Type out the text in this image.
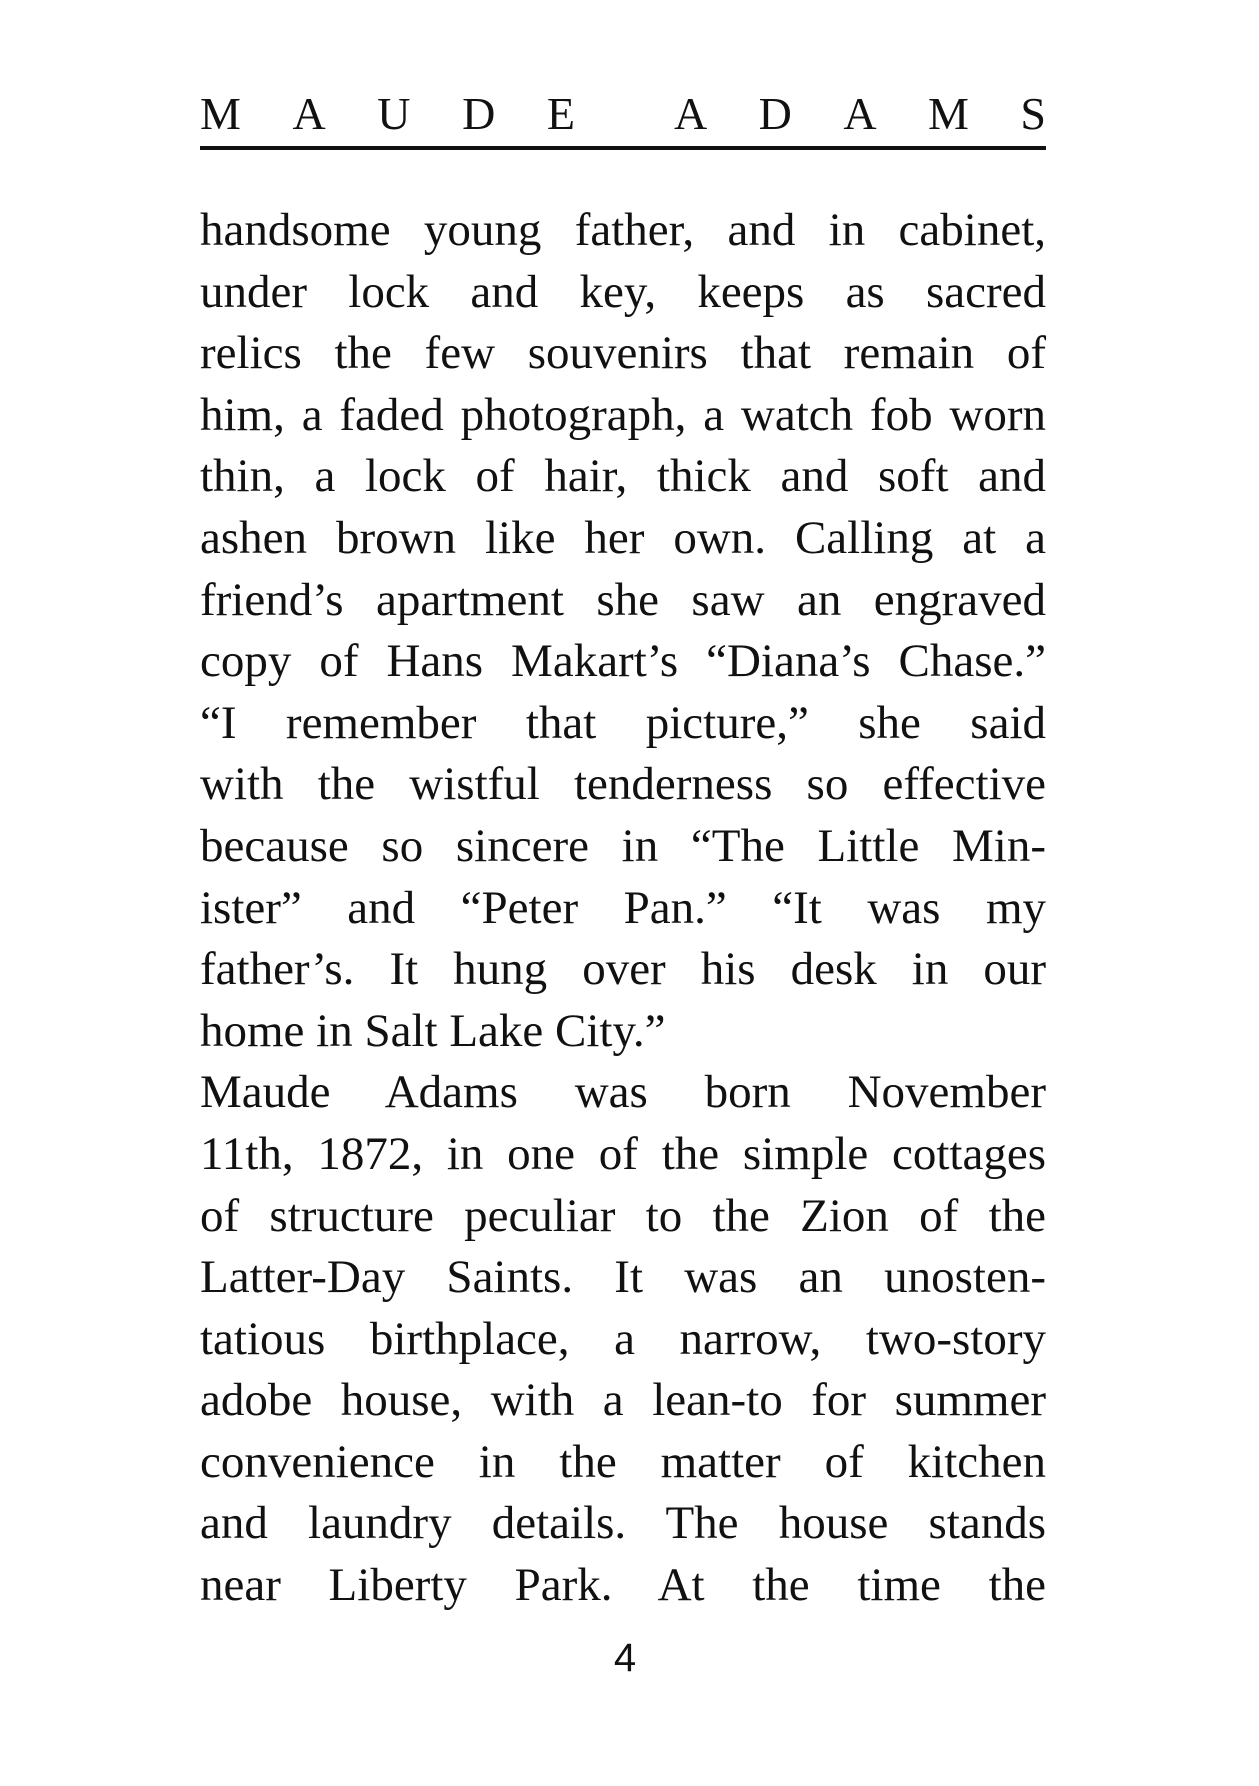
M A U D E A D A M S
handsome young father, and in cabinet,
under lock and key, keeps as sacred
relics the few souvenirs that remain of
him, a faded photograph, a watch fob worn
thin, a lock of hair, thick and soft and
ashen brown like her own. Calling at a
friend’s apartment she saw an engraved
copy of Hans Makart’s “Diana’s Chase.”
“I remember that picture,” she said
with the wistful tenderness so effective
because so sincere in “The Little Min-
ister” and “Peter Pan.” “It was my
father’s. It hung over his desk in our
home in Salt Lake City.”
Maude Adams was born November
11th, 1872, in one of the simple cottages
of structure peculiar to the Zion of the
Latter-Day Saints. It was an unosten-
tatious birthplace, a narrow, two-story
adobe house, with a lean-to for summer
convenience in the matter of kitchen
and laundry details. The house stands
near Liberty Park. At the time the
4
